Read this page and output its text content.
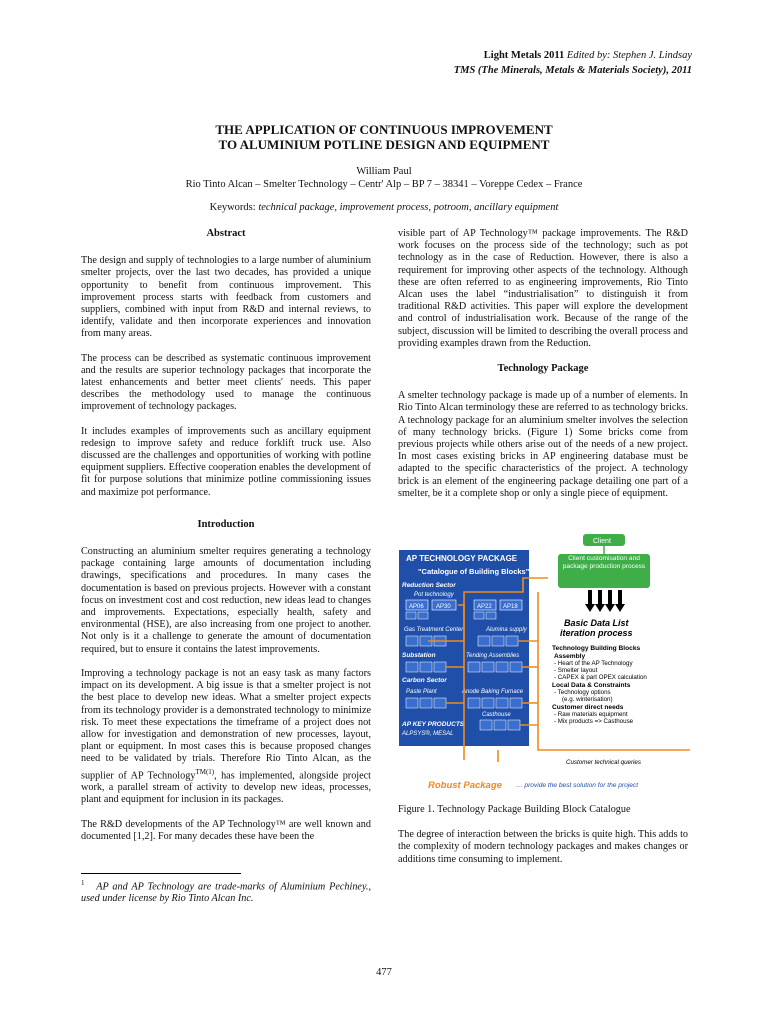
Light Metals 2011 Edited by: Stephen J. Lindsay
TMS (The Minerals, Metals & Materials Society), 2011
THE APPLICATION OF CONTINUOUS IMPROVEMENT
TO ALUMINIUM POTLINE DESIGN AND EQUIPMENT
William Paul
Rio Tinto Alcan – Smelter Technology – Centr' Alp – BP 7 – 38341 – Voreppe Cedex – France
Keywords: technical package, improvement process, potroom, ancillary equipment
Abstract

The design and supply of technologies to a large number of aluminium smelter projects, over the last two decades, has provided a unique opportunity to benefit from continuous improvement. This improvement process starts with feedback from customers and suppliers, combined with input from R&D and internal reviews, to identify, validate and then incorporate experiences and innovation from many areas.

The process can be described as systematic continuous improvement and the results are superior technology packages that incorporate the latest enhancements and better meet clients' needs. This paper describes the methodology used to manage the continuous improvement of technology packages.

It includes examples of improvements such as ancillary equipment redesign to improve safety and reduce forklift truck use. Also discussed are the challenges and opportunities of working with potline equipment suppliers. Effective cooperation enables the development of fit for purpose solutions that minimize potline commissioning issues and maximize pot performance.

Introduction

Constructing an aluminium smelter requires generating a technology package containing large amounts of documentation including drawings, specifications and procedures. In many cases the documentation is based on previous projects. However with a constant focus on investment cost and cost reduction, new ideas lead to changes and improvements. Expectations, especially health, safety and environmental (HSE), are also increasing from one project to another. Not only is it a challenge to generate the amount of documentation required, but to ensure it contains the latest improvements.

Improving a technology package is not an easy task as many factors impact on its development. A big issue is that a smelter project is not the best place to develop new ideas. What a smelter project expects from its technology provider is a demonstrated technology to minimize risk. To meet these expectations the timeframe of a project does not allow for investigation and demonstration of new processes, layout, plant or equipment. In most cases this is because proposed changes need to be validated by trials. Therefore Rio Tinto Alcan, as the supplier of AP Technology$^{TM(1)}$, has implemented, alongside project work, a parallel stream of activity to develop new ideas, processes, plant and equipment for inclusion in its packages.

The R&D developments of the AP Technology™ are well known and documented [1,2]. For many decades these have been the

$^1$ AP and AP Technology are trade-marks of Aluminium Pechiney., used under license by Rio Tinto Alcan Inc.

visible part of AP Technology™ package improvements. The R&D work focuses on the process side of the technology; such as pot technology as in the case of Reduction. However, there is also a requirement for improving other aspects of the technology. Although these are often referred to as engineering improvements, Rio Tinto Alcan uses the label “industrialisation” to distinguish it from traditional R&D activities. This paper will explore the development and control of industrialisation work. Because of the range of the subject, discussion will be limited to describing the overall process and providing examples drawn from the Reduction.

Technology Package

A smelter technology package is made up of a number of elements. In Rio Tinto Alcan terminology these are referred to as technology bricks. A technology package for an aluminium smelter involves the selection of many technology bricks. (Figure 1) Some bricks come from previous projects while others arise out of the needs of a new project. In most cases existing bricks in AP engineering database must be adapted to the specific characteristics of the project. A technology brick is an element of the engineering package detailing one part of a smelter, be it a complete shop or only a single piece of equipment.

AP TECHNOLOGY PACKAGE
"Catalogue of Building Blocks"
Reduction Sector
Pot technology
AP06 AP30	AP22 AP18
Gas Treatment Center	Alumina supply
Substation	Tending Assemblies
Carbon Sector
Paste Plant	Anode Baking Furnace
Casthouse
AP KEY PRODUCTS
ALPSYS®, MESAL
Client
Client customisation and package production process
Basic Data List
iteration process
Technology Building Blocks
Assembly
- Heart of the AP Technology
- Smelter layout
- CAPEX & part OPEX calculation
Local Data & Constraints
- Technology options
(e.g. winterisation)
Customer direct needs
- Raw materials equipment
- Mix products => Casthouse
Customer technical queries
Robust Package … provide the best solution for the project

Figure 1. Technology Package Building Block Catalogue

The degree of interaction between the bricks is quite high. This adds to the complexity of modern technology packages and makes changes or additions time consuming to implement.

477
